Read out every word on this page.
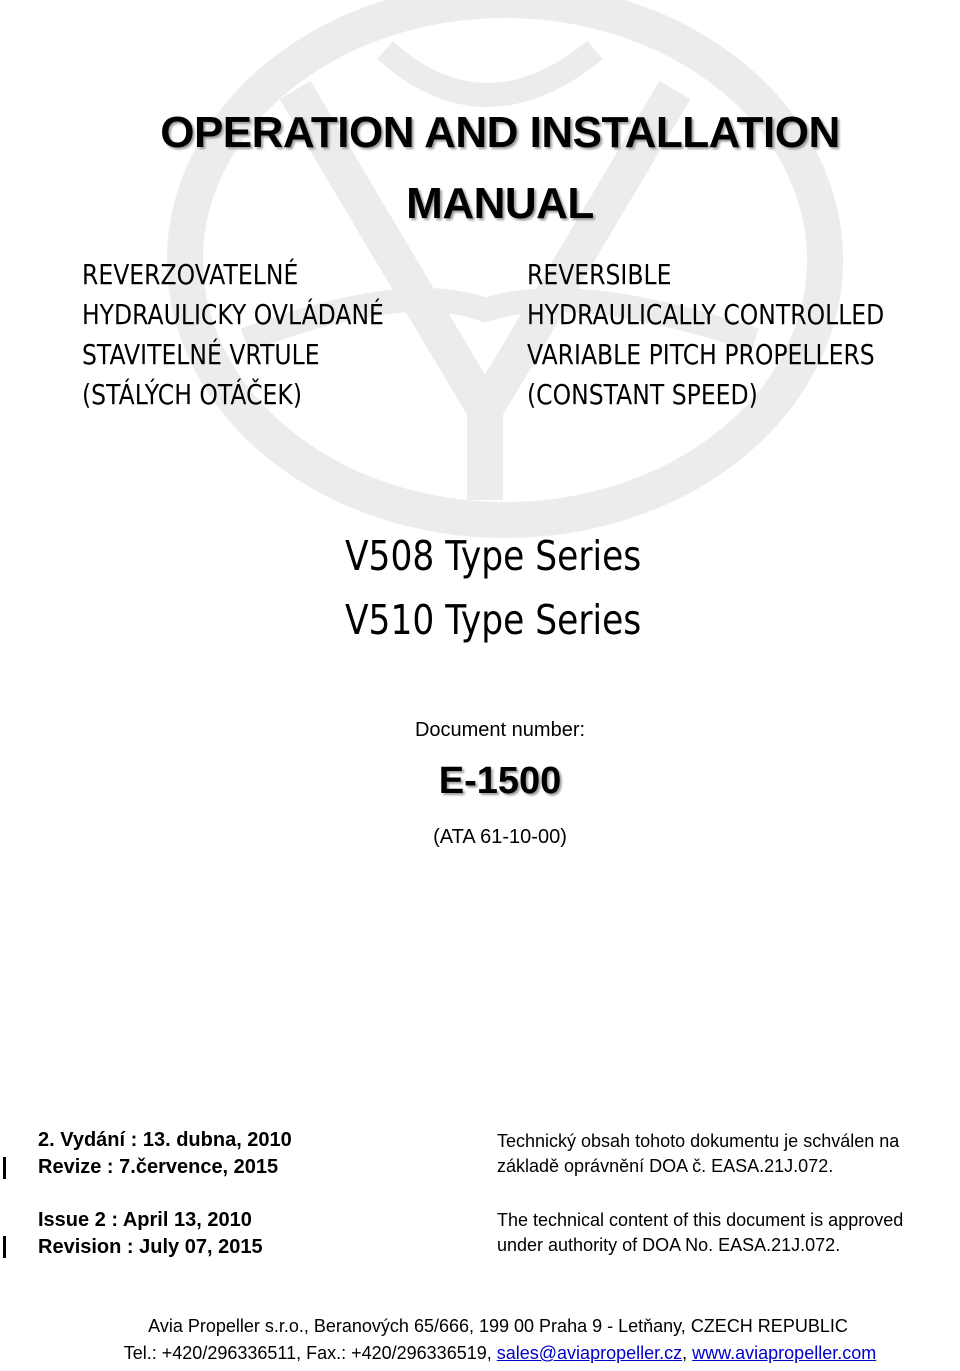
OPERATION AND INSTALLATION
MANUAL
REVERZOVATELNÉ
HYDRAULICKY OVLÁDANÉ
STAVITELNÉ VRTULE
(STÁLÝCH OTÁČEK)
REVERSIBLE
HYDRAULICALLY CONTROLLED
VARIABLE PITCH PROPELLERS
(CONSTANT SPEED)
V508 Type Series
V510 Type Series
Document number:
E-1500
(ATA 61-10-00)
2. Vydání : 13. dubna, 2010
Revize : 7.července, 2015
Issue 2 : April 13, 2010
Revision : July 07, 2015
Technický obsah tohoto dokumentu je schválen na
základě oprávnění DOA č. EASA.21J.072.
The technical content of this document is approved
under authority of DOA No. EASA.21J.072.
Avia Propeller s.r.o., Beranových 65/666, 199 00 Praha 9 - Letňany, CZECH REPUBLIC
Tel.: +420/296336511, Fax.: +420/296336519, sales@aviapropeller.cz, www.aviapropeller.com
